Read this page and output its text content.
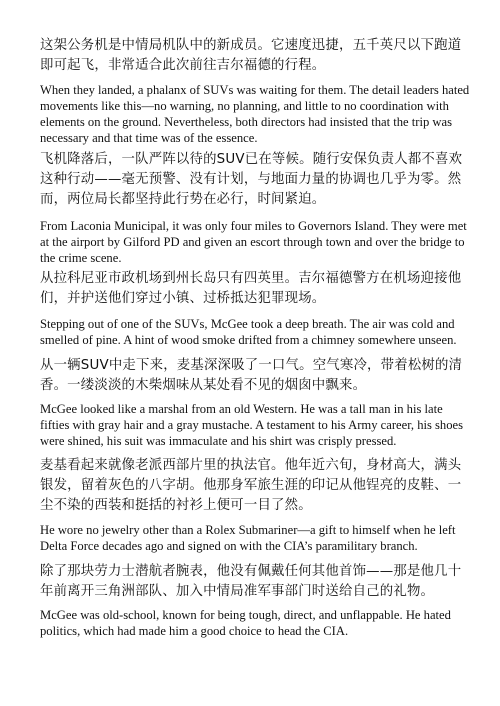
这架公务机是中情局机队中的新成员。它速度迅捷，五千英尺以下跑道即可起飞，非常适合此次前往吉尔福德的行程。

When they landed, a phalanx of SUVs was waiting for them. The detail leaders hated movements like this—no warning, no planning, and little to no coordination with elements on the ground. Nevertheless, both directors had insisted that the trip was necessary and that time was of the essence.

飞机降落后，一队严阵以待的SUV已在等候。随行安保负责人都不喜欢这种行动——毫无预警、没有计划，与地面力量的协调也几乎为零。然而，两位局长都坚持此行势在必行，时间紧迫。

From Laconia Municipal, it was only four miles to Governors Island. They were met at the airport by Gilford PD and given an escort through town and over the bridge to the crime scene.

从拉科尼亚市政机场到州长岛只有四英里。吉尔福德警方在机场迎接他们，并护送他们穿过小镇、过桥抵达犯罪现场。

Stepping out of one of the SUVs, McGee took a deep breath. The air was cold and smelled of pine. A hint of wood smoke drifted from a chimney somewhere unseen.

从一辆SUV中走下来，麦基深深吸了一口气。空气寒冷，带着松树的清香。一缕淡淡的木柴烟味从某处看不见的烟囱中飘来。

McGee looked like a marshal from an old Western. He was a tall man in his late fifties with gray hair and a gray mustache. A testament to his Army career, his shoes were shined, his suit was immaculate and his shirt was crisply pressed.

麦基看起来就像老派西部片里的执法官。他年近六旬，身材高大，满头银发，留着灰色的八字胡。他那身军旅生涯的印记从他锃亮的皮鞋、一尘不染的西装和挺括的衬衫上便可一目了然。

He wore no jewelry other than a Rolex Submariner—a gift to himself when he left Delta Force decades ago and signed on with the CIA’s paramilitary branch.

除了那块劳力士潜航者腕表，他没有佩戴任何其他首饰——那是他几十年前离开三角洲部队、加入中情局准军事部门时送给自己的礼物。

McGee was old-school, known for being tough, direct, and unflappable. He hated politics, which had made him a good choice to head the CIA.
